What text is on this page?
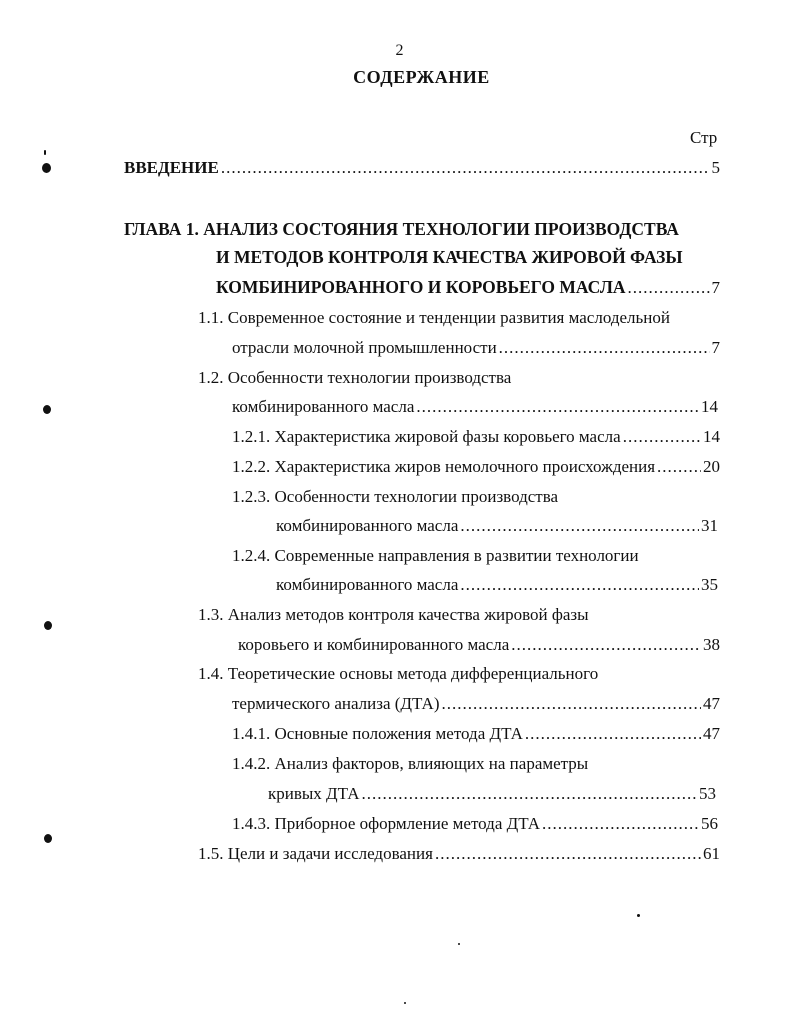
2
СОДЕРЖАНИЕ
Стр
ВВЕДЕНИЕ .....	5
ГЛАВА 1. АНАЛИЗ СОСТОЯНИЯ ТЕХНОЛОГИИ ПРОИЗВОДСТВА
И МЕТОДОВ КОНТРОЛЯ КАЧЕСТВА ЖИРОВОЙ ФАЗЫ
КОМБИНИРОВАННОГО И КОРОВЬЕГО МАСЛА .....	7
1.1. Современное состояние и тенденции развития маслодельной
отрасли молочной промышленности .....	7
1.2. Особенности технологии производства
комбинированного масла .....	14
1.2.1. Характеристика жировой фазы коровьего масла .....	14
1.2.2. Характеристика жиров немолочного происхождения .....	20
1.2.3. Особенности технологии производства
комбинированного масла .....	31
1.2.4. Современные направления в развитии технологии
комбинированного масла .....	35
1.3. Анализ методов контроля качества жировой фазы
коровьего и комбинированного масла .....	38
1.4. Теоретические основы метода дифференциального
термического анализа (ДТА) .....	47
1.4.1. Основные положения метода ДТА .....	47
1.4.2. Анализ факторов, влияющих на параметры
кривых ДТА .....	53
1.4.3. Приборное оформление метода ДТА .....	56
1.5. Цели и задачи исследования .....	61
